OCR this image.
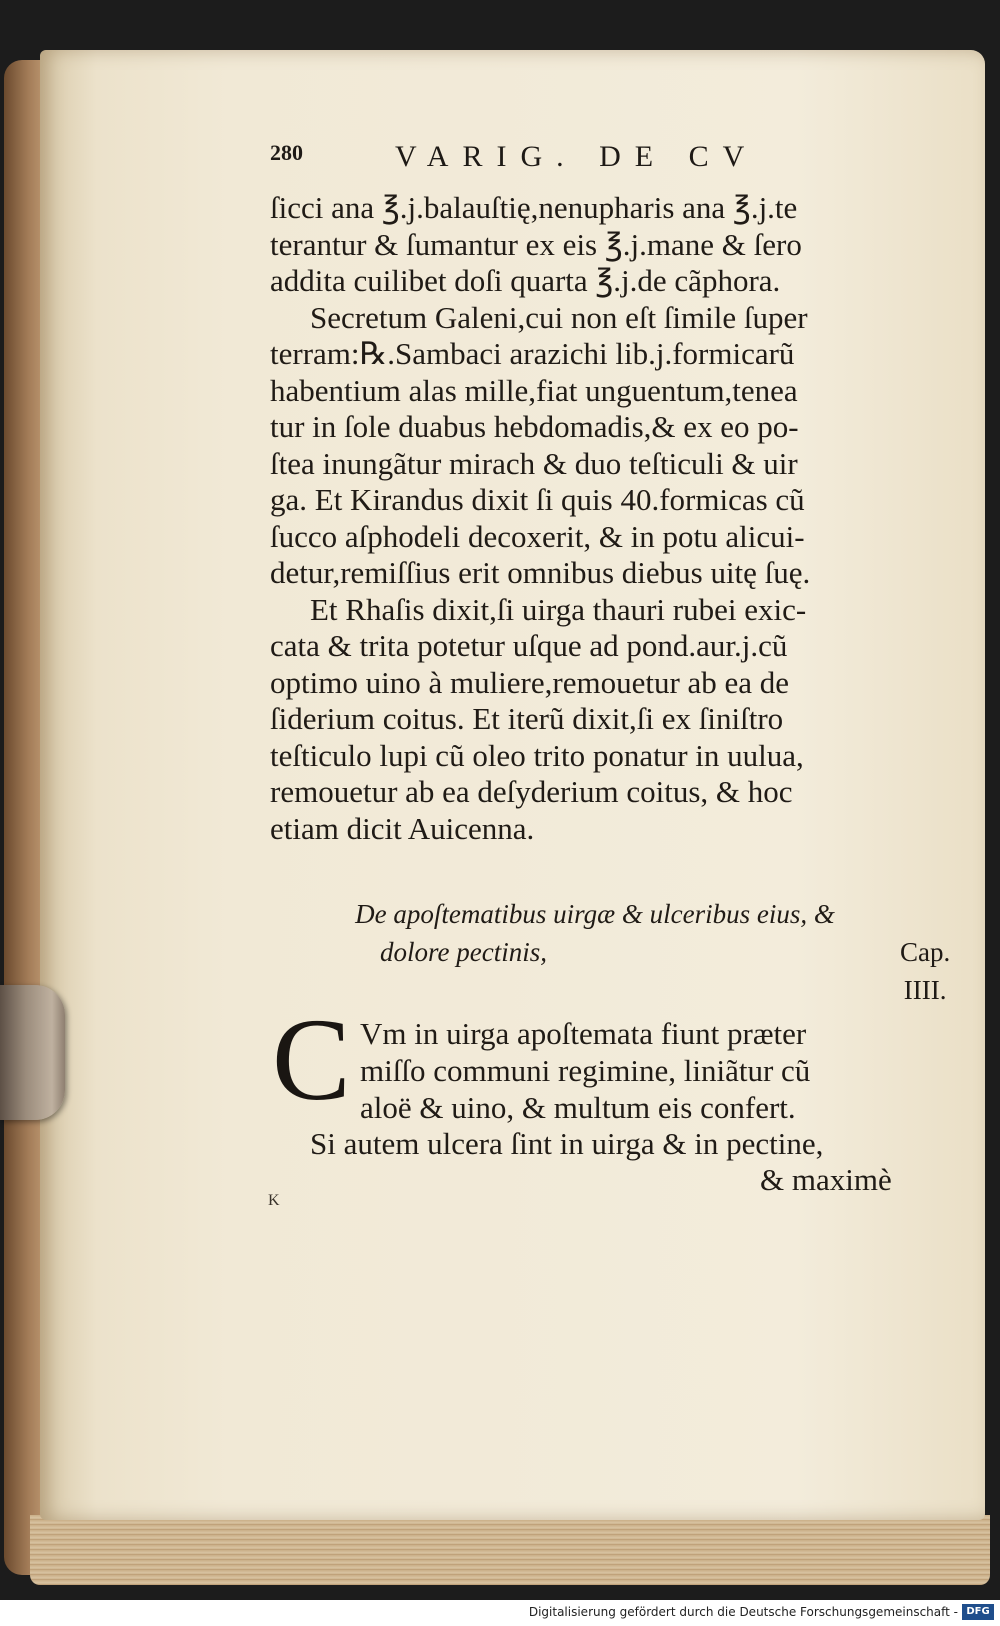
280	VARIG. DE CV
ſicci ana ℥.j.balauſtię,nenupharis ana ℥.j.te
terantur & ſumantur ex eis ℥.j.mane & ſero
addita cuilibet doſi quarta ℥.j.de cãphora.
Secretum Galeni,cui non eſt ſimile ſuper
terram:℞.Sambaci arazichi lib.j.formicarũ
habentium alas mille,fiat unguentum,tenea
tur in ſole duabus hebdomadis,& ex eo po-
ſtea inungãtur mirach & duo teſticuli & uir
ga. Et Kirandus dixit ſi quis 40.formicas cũ
ſucco aſphodeli decoxerit, & in potu alicui-
detur,remiſſius erit omnibus diebus uitę ſuę.
Et Rhaſis dixit,ſi uirga thauri rubei exic-
cata & trita potetur uſque ad pond.aur.j.cũ
optimo uino à muliere,remouetur ab ea de
ſiderium coitus. Et iterũ dixit,ſi ex ſiniſtro
teſticulo lupi cũ oleo trito ponatur in uulua,
remouetur ab ea deſyderium coitus, & hoc
etiam dicit Auicenna.
De apoſtematibus uirgæ & ulceribus eius, &
dolore pectinis,	Cap. IIII.
C Vm in uirga apoſtemata fiunt præter
miſſo communi regimine, liniãtur cũ
aloë & uino, & multum eis confert.
Si autem ulcera ſint in uirga & in pectine,
& maximè
K
Digitalisierung gefördert durch die Deutsche Forschungsgemeinschaft - DFG
